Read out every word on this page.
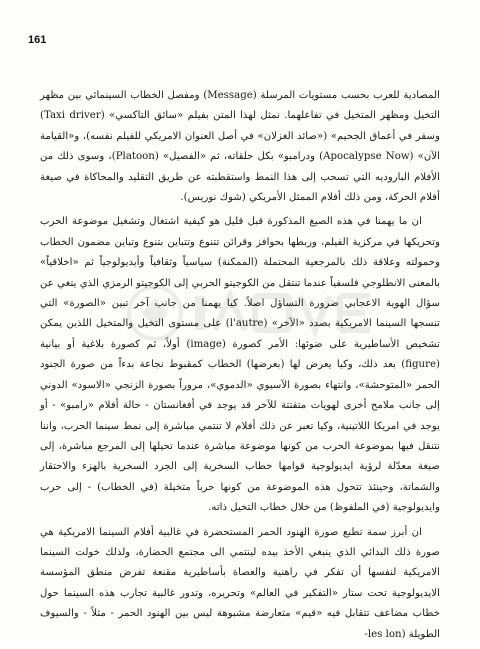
161

المصادية للعرب بحسب مستويات المرسلة (Message) ومفصل الخطاب السينمائي بين مظهر التخيل ومظهر المتخيل في تفاعلهما. نمثل لهذا المتن بفيلم «سائق التاكسي» (Taxi driver) وسفر في أعماق الجحيم» («صائد الغزلان» في أصل العنوان الامريكي للفيلم نفسه)، و«القيامة الآن» (Apocalypse Now) ودرامبو» بكل حلقاته، ثم «الفصيل» (Platoon)، وسوى ذلك من الأفلام الباروديه التي تسحب إلى هذا النمط واستقطبته عن طريق التقليد والمحاكاة في صيغة أفلام الحركة، ومن ذلك أفلام الممثل الأمريكي (شوك نوريس).

ان ما يهمنا في هذه الصيغ المذكورة قبل قليل هو كيفية اشتغال وتشغيل موضوعة الحرب وتحريكها في مركزية الفيلم، وربطها بحوافز وقرائن تتنوع وتتباين بتنوع وتباين مضمون الخطاب وحمولته وعلاقة ذلك بالمرجعية المحتملة (الممكنة) سياسياً وثقافياً وأيديولوجياً ثم «اخلاقياً» بالمعنى الانطلوجي فلسفياً عندما تنتقل من الكوجيتو الحربي إلى الكوجيتو الرمزي الذي يتغي عن سؤال الهوية الاعجابي ضرورة التساؤل اصلاً. كيا يهمنا من جانب آخر تبين «الصورة» التي تنسجها السينما الامريكية بصدد «الآخر» (l'autre) على مستوى التخيل والمتخيل اللذين يمكن تشخيص الأساطيرية على ضوئها: الأمر كصورة (image) أولاً، ثم كصورة بلاغية أو بيانية (figure) بعد ذلك، وكيا يعرض لها (بعرضها) الخطاب كمقبوط نجاعة بدءاً من صورة الجنود الحمر «المتوحشة»، وانتهاء بصورة الآسيوي «الدموي»، مروراً بصورة الزنجي «الاسود» الدوني إلى جانب ملامح أخرى لهويات متفتتة للآخر قد يوجد في أفغانستان - حالة أفلام «رامبو» - أو يوجد في امريكا اللاتينية، وكيا تعبر عن ذلك أفلام لا تنتمي مباشرة إلى نمط سينما الحرب، واننا نتنقل فيها بموضوعة الحرب من كونها موضوعة مباشرة عندما تحيلها إلى المرجع مباشرة، إلى صيغة معدّلة لرؤية ايديولوجية قوامها خطاب السخرية إلى الجرد السخرية بالهزء والاحتقار والشماتة، وحينئذ تتحول هذه الموضوعة من كونها حرباً متخيلة (في الخطاب) - إلى حرب وايديولوجية (في الملفوظ) من خلال خطاب التخيل ذاته.

ان أبرز سمة تطبع صورة الهنود الحمر المستحضرة في غالبية أفلام السينما الامريكية هي صورة ذلك البدائي الذي ينبغي الأخذ بيده لينتمي الى مجتمع الحضارة، ولذلك خولت السينما الامريكية لنفسها أن تفكر في راهنية والعصاة بأساطيرية مقنعة تفرض منطق المؤسسة الايديولوجية تحت ستار «التفكير في العالم» وتحريره، وتدور غالبية تجارب هذه السينما حول خطاب مضاعف تتقابل فيه «قيم» متعارضة مشبوهة ليس بين الهنود الحمر - مثلاً - والسيوف الطويلة (les lon-
